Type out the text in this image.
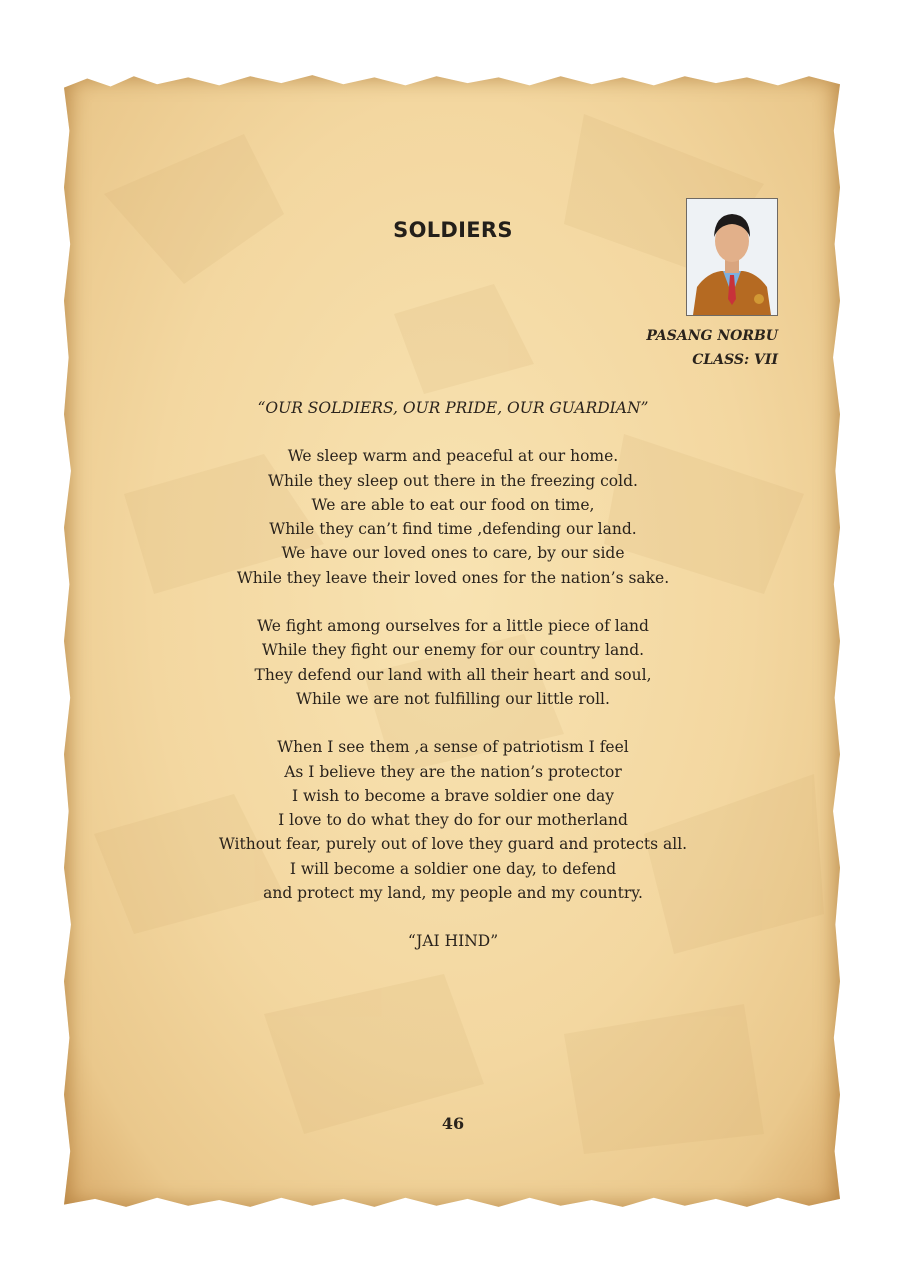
SOLDIERS
PASANG NORBU
CLASS: VII
“OUR SOLDIERS, OUR PRIDE, OUR GUARDIAN”
We sleep warm and peaceful at our home.
While they sleep out there in the freezing cold.
We are able to eat our food on time,
While they can’t find time ,defending our land.
We have our loved ones to care, by our side
While they leave their loved ones for the nation’s sake.
We fight among ourselves for a little piece of land
While they fight our enemy for our country land.
They defend our land with all their heart and soul,
While we are not fulfilling our little roll.
When I see them ,a sense of patriotism I feel
As I believe they are the nation’s protector
I wish to become a brave soldier one day
I love to do what they do for our motherland
Without fear, purely out of love they guard and protects all.
I will become a soldier one day, to defend
and protect my land, my people and my country.
“JAI HIND”
46
